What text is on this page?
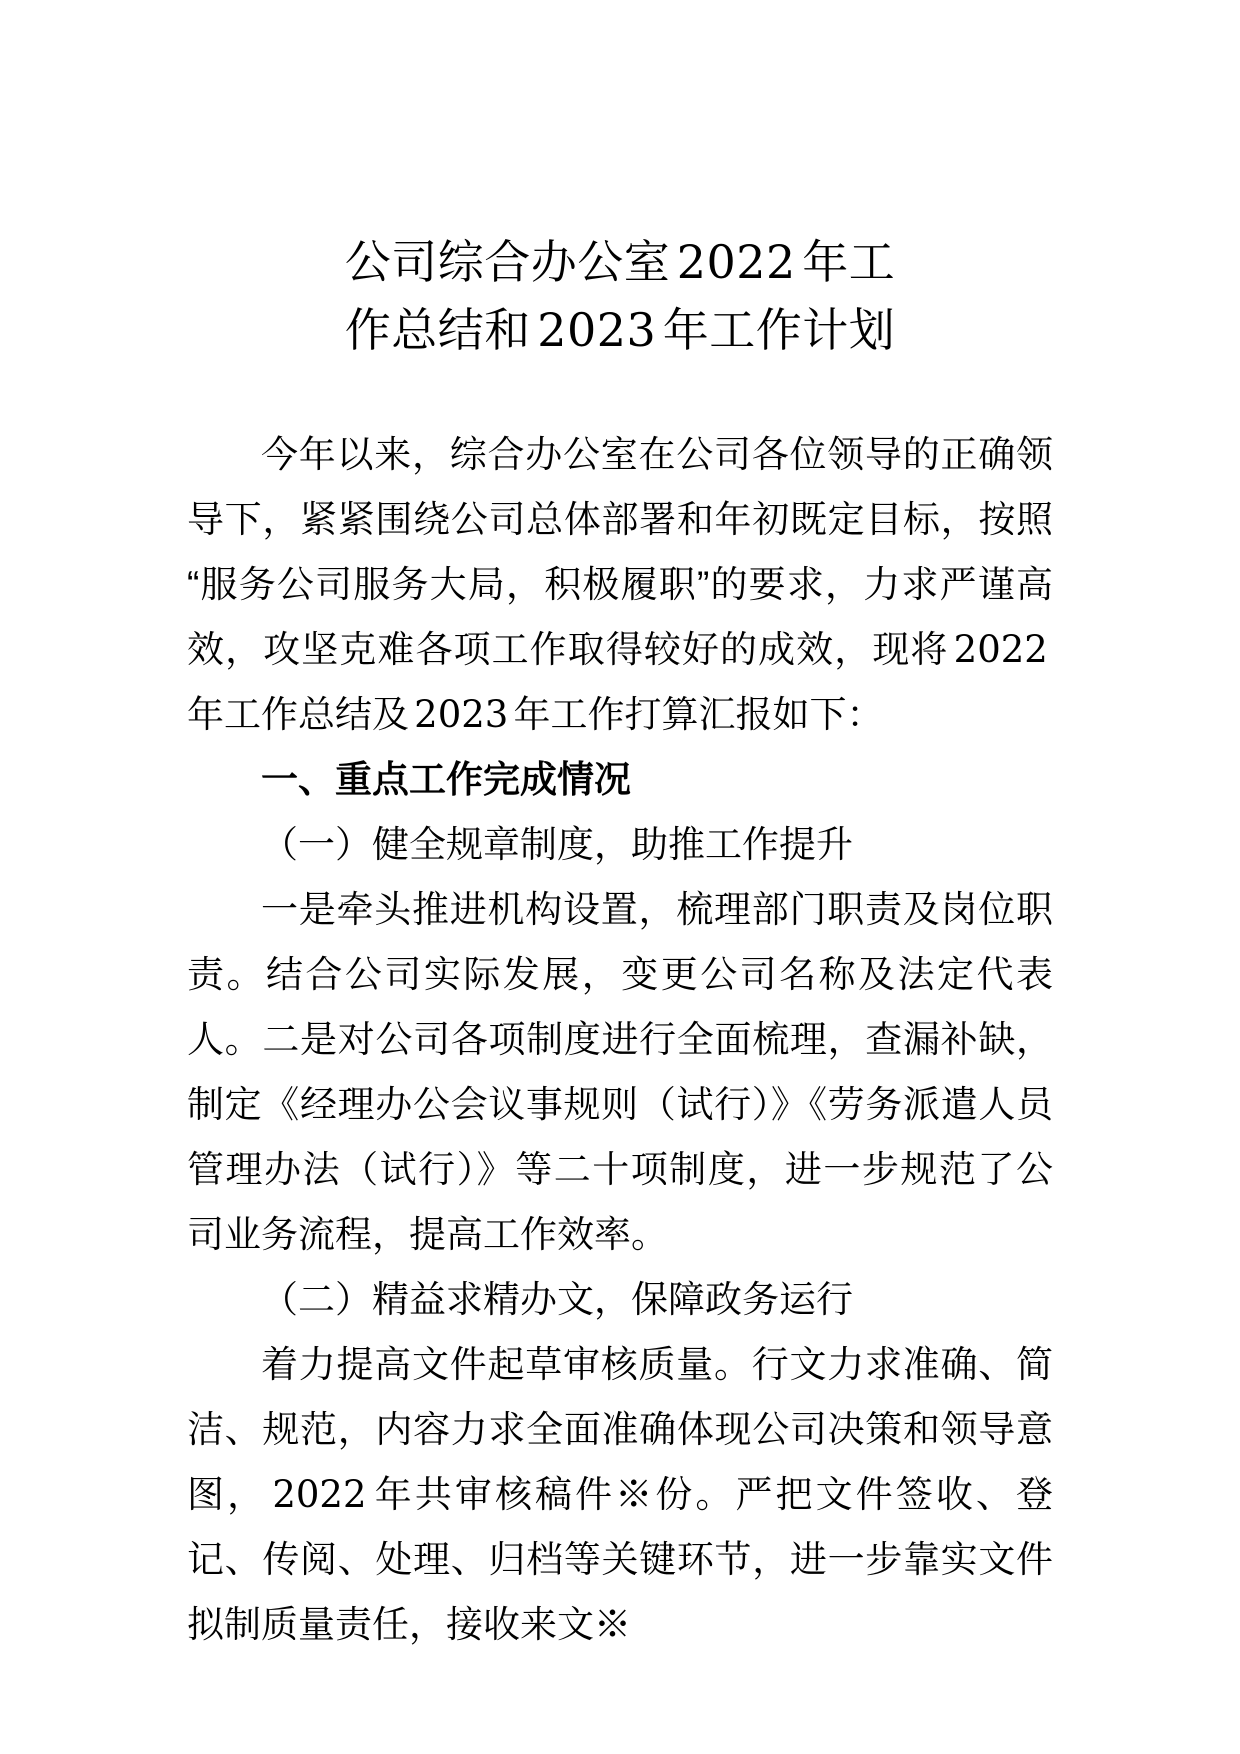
公司综合办公室 2022 年工作总结和 2023 年工作计划

今年以来，综合办公室在公司各位领导的正确领导下，紧紧围绕公司总体部署和年初既定目标，按照“服务公司服务大局，积极履职”的要求，力求严谨高效，攻坚克难各项工作取得较好的成效，现将 2022年工作总结及 2023 年工作打算汇报如下：

一、重点工作完成情况

（一）健全规章制度，助推工作提升

一是牵头推进机构设置，梳理部门职责及岗位职责。结合公司实际发展，变更公司名称及法定代表人。二是对公司各项制度进行全面梳理，查漏补缺，制定《经理办公会议事规则（试行）》《劳务派遣人员管理办法（试行）》等二十项制度，进一步规范了公司业务流程，提高工作效率。

（二）精益求精办文，保障政务运行

着力提高文件起草审核质量。行文力求准确、简洁、规范，内容力求全面准确体现公司决策和领导意图， 2022 年共审核稿件※份。严把文件签收、登记、传阅、处理、归档等关键环节，进一步靠实文件拟制质量责任，接收来文※
